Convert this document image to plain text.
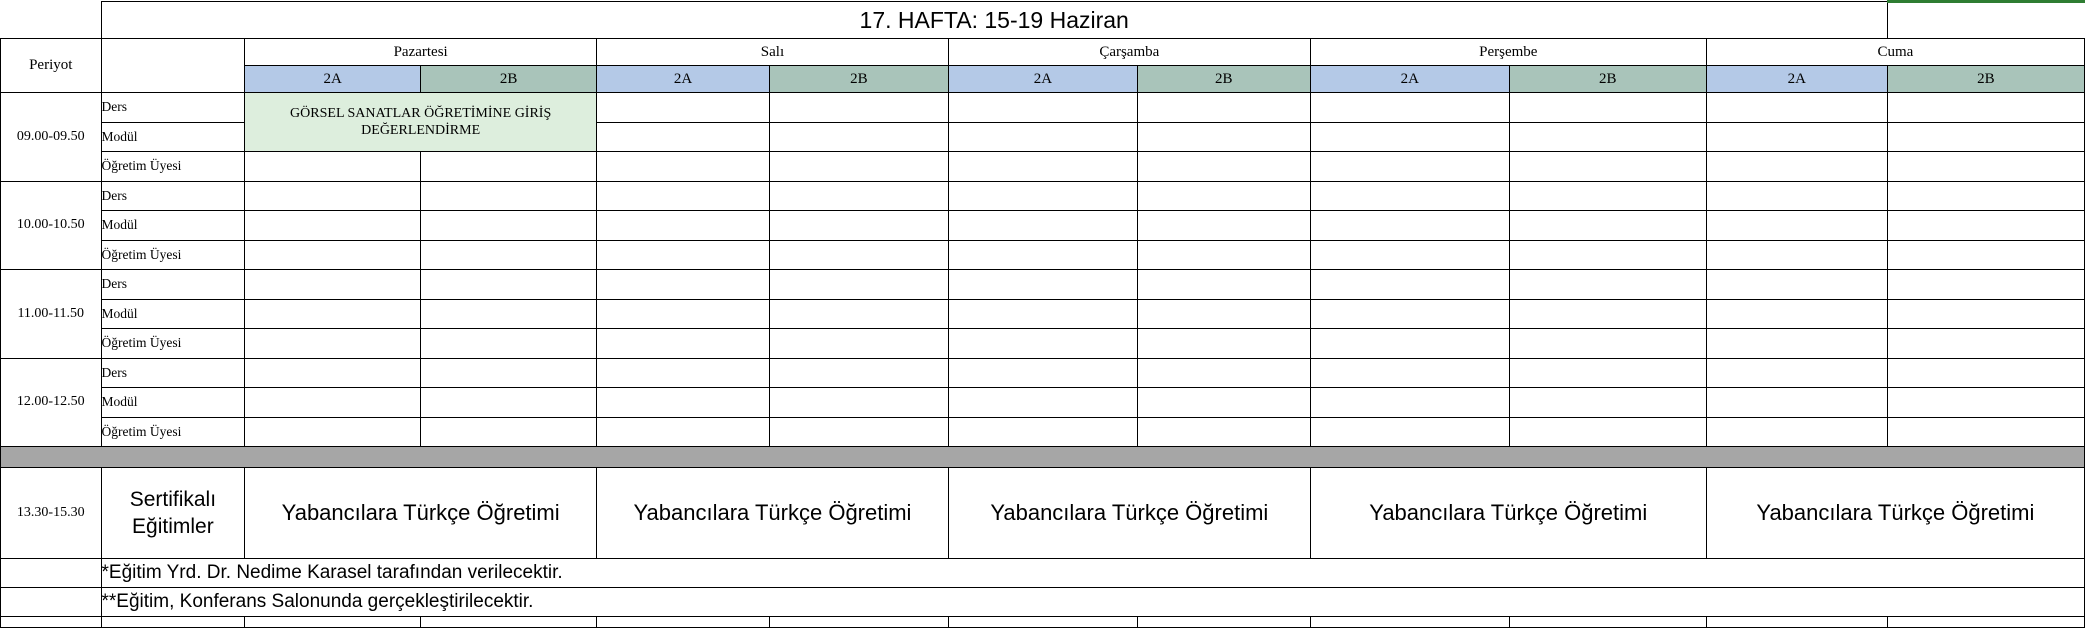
	17. HAFTA: 15-19 Haziran										
Periyot		Pazartesi		Salı		Çarşamba		Perşembe		Cuma	
		2A	2B	2A	2B	2A	2B	2A	2B	2A	2B
09.00-09.50	Ders	GÖRSEL SANATLAR ÖĞRETİMİNE GİRİŞ DEĞERLENDİRME									
	Modül										
	Öğretim Üyesi										
10.00-10.50	Ders										
	Modül										
	Öğretim Üyesi										
11.00-11.50	Ders										
	Modül										
	Öğretim Üyesi										
12.00-12.50	Ders										
	Modül										
	Öğretim Üyesi										

13.30-15.30	Sertifikalı Eğitimler	Yabancılara Türkçe Öğretimi		Yabancılara Türkçe Öğretimi		Yabancılara Türkçe Öğretimi		Yabancılara Türkçe Öğretimi		Yabancılara Türkçe Öğretimi	
	*Eğitim Yrd. Dr. Nedime Karasel tarafından verilecektir.										
	**Eğitim, Konferans Salonunda gerçekleştirilecektir.										
